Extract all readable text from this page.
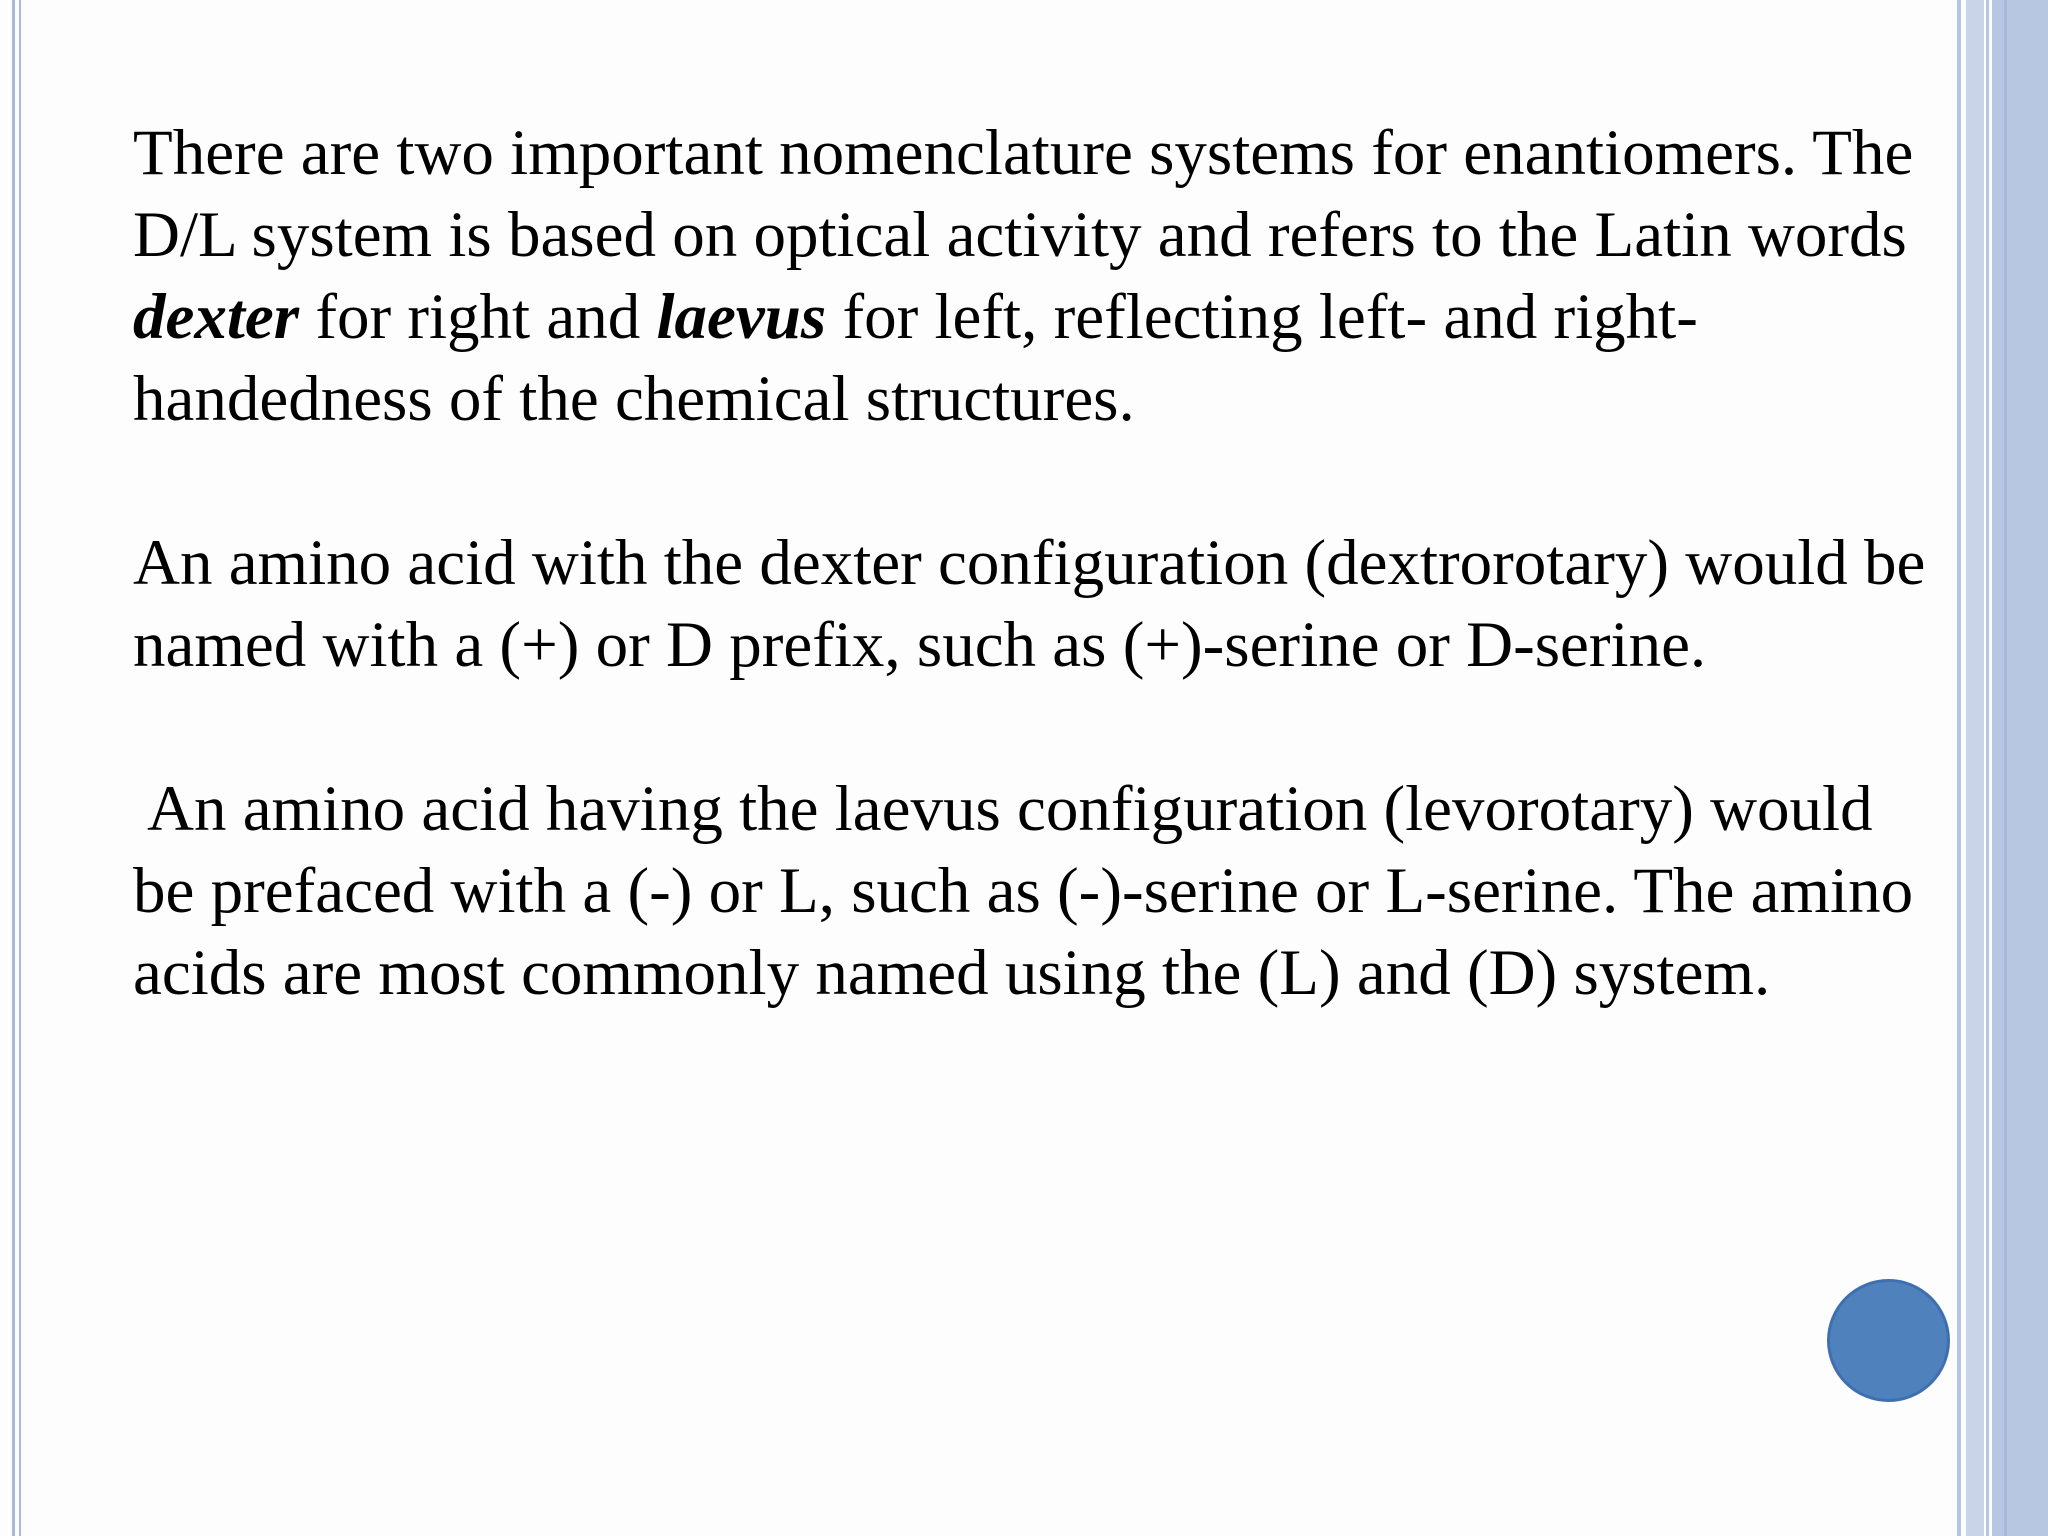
There are two important nomenclature systems for enantiomers. The D/L system is based on optical activity and refers to the Latin words dexter for right and laevus for left, reflecting left- and right-handedness of the chemical structures.

An amino acid with the dexter configuration (dextrorotary) would be named with a (+) or D prefix, such as (+)-serine or D-serine.

An amino acid having the laevus configuration (levorotary) would be prefaced with a (-) or L, such as (-)-serine or L-serine. The amino acids are most commonly named using the (L) and (D) system.
